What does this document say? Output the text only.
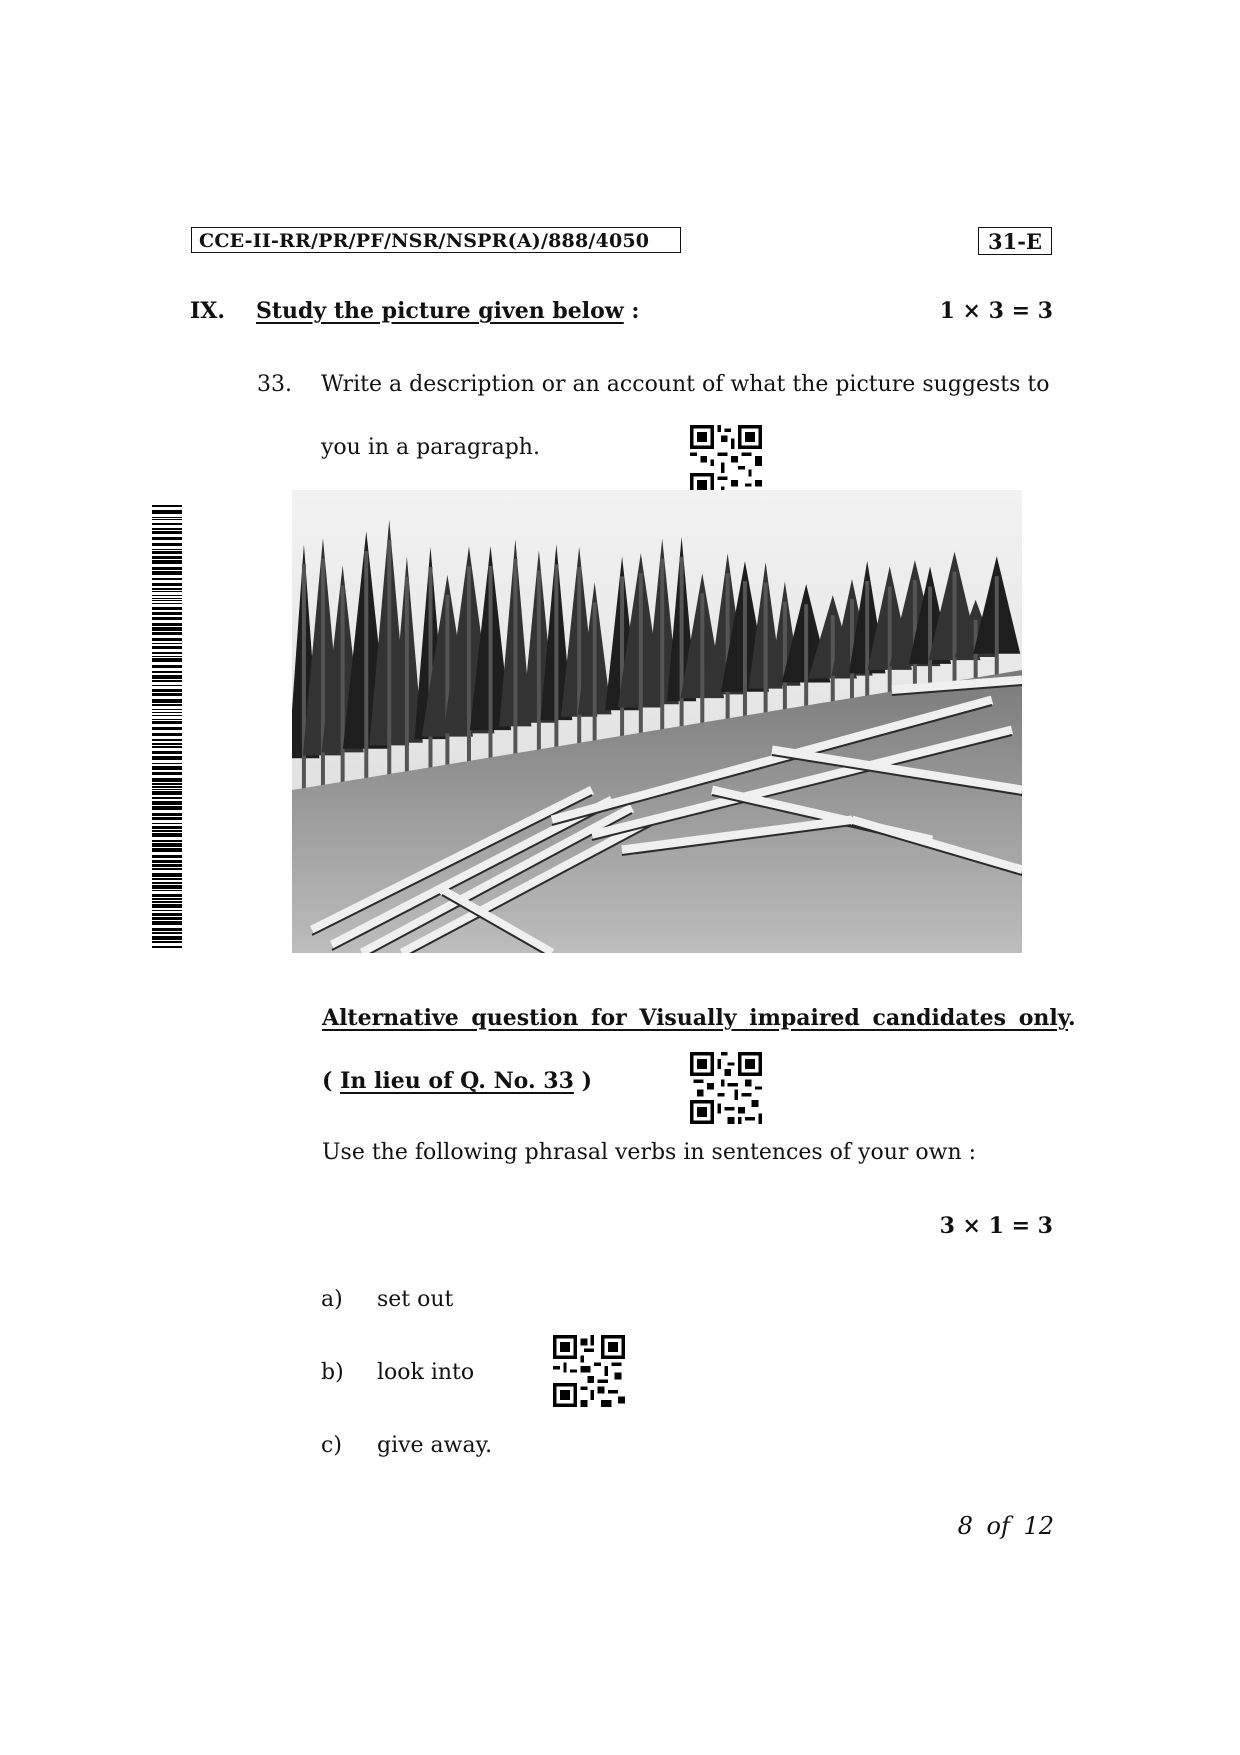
CCE-II-RR/PR/PF/NSR/NSPR(A)/888/4050	31-E
IX. Study the picture given below :	1 × 3 = 3
33. Write a description or an account of what the picture suggests to
you in a paragraph.
Alternative question for Visually impaired candidates only.
( In lieu of Q. No. 33 )
Use the following phrasal verbs in sentences of your own :
3 × 1 = 3
a) set out
b) look into
c) give away.
8 of 12
